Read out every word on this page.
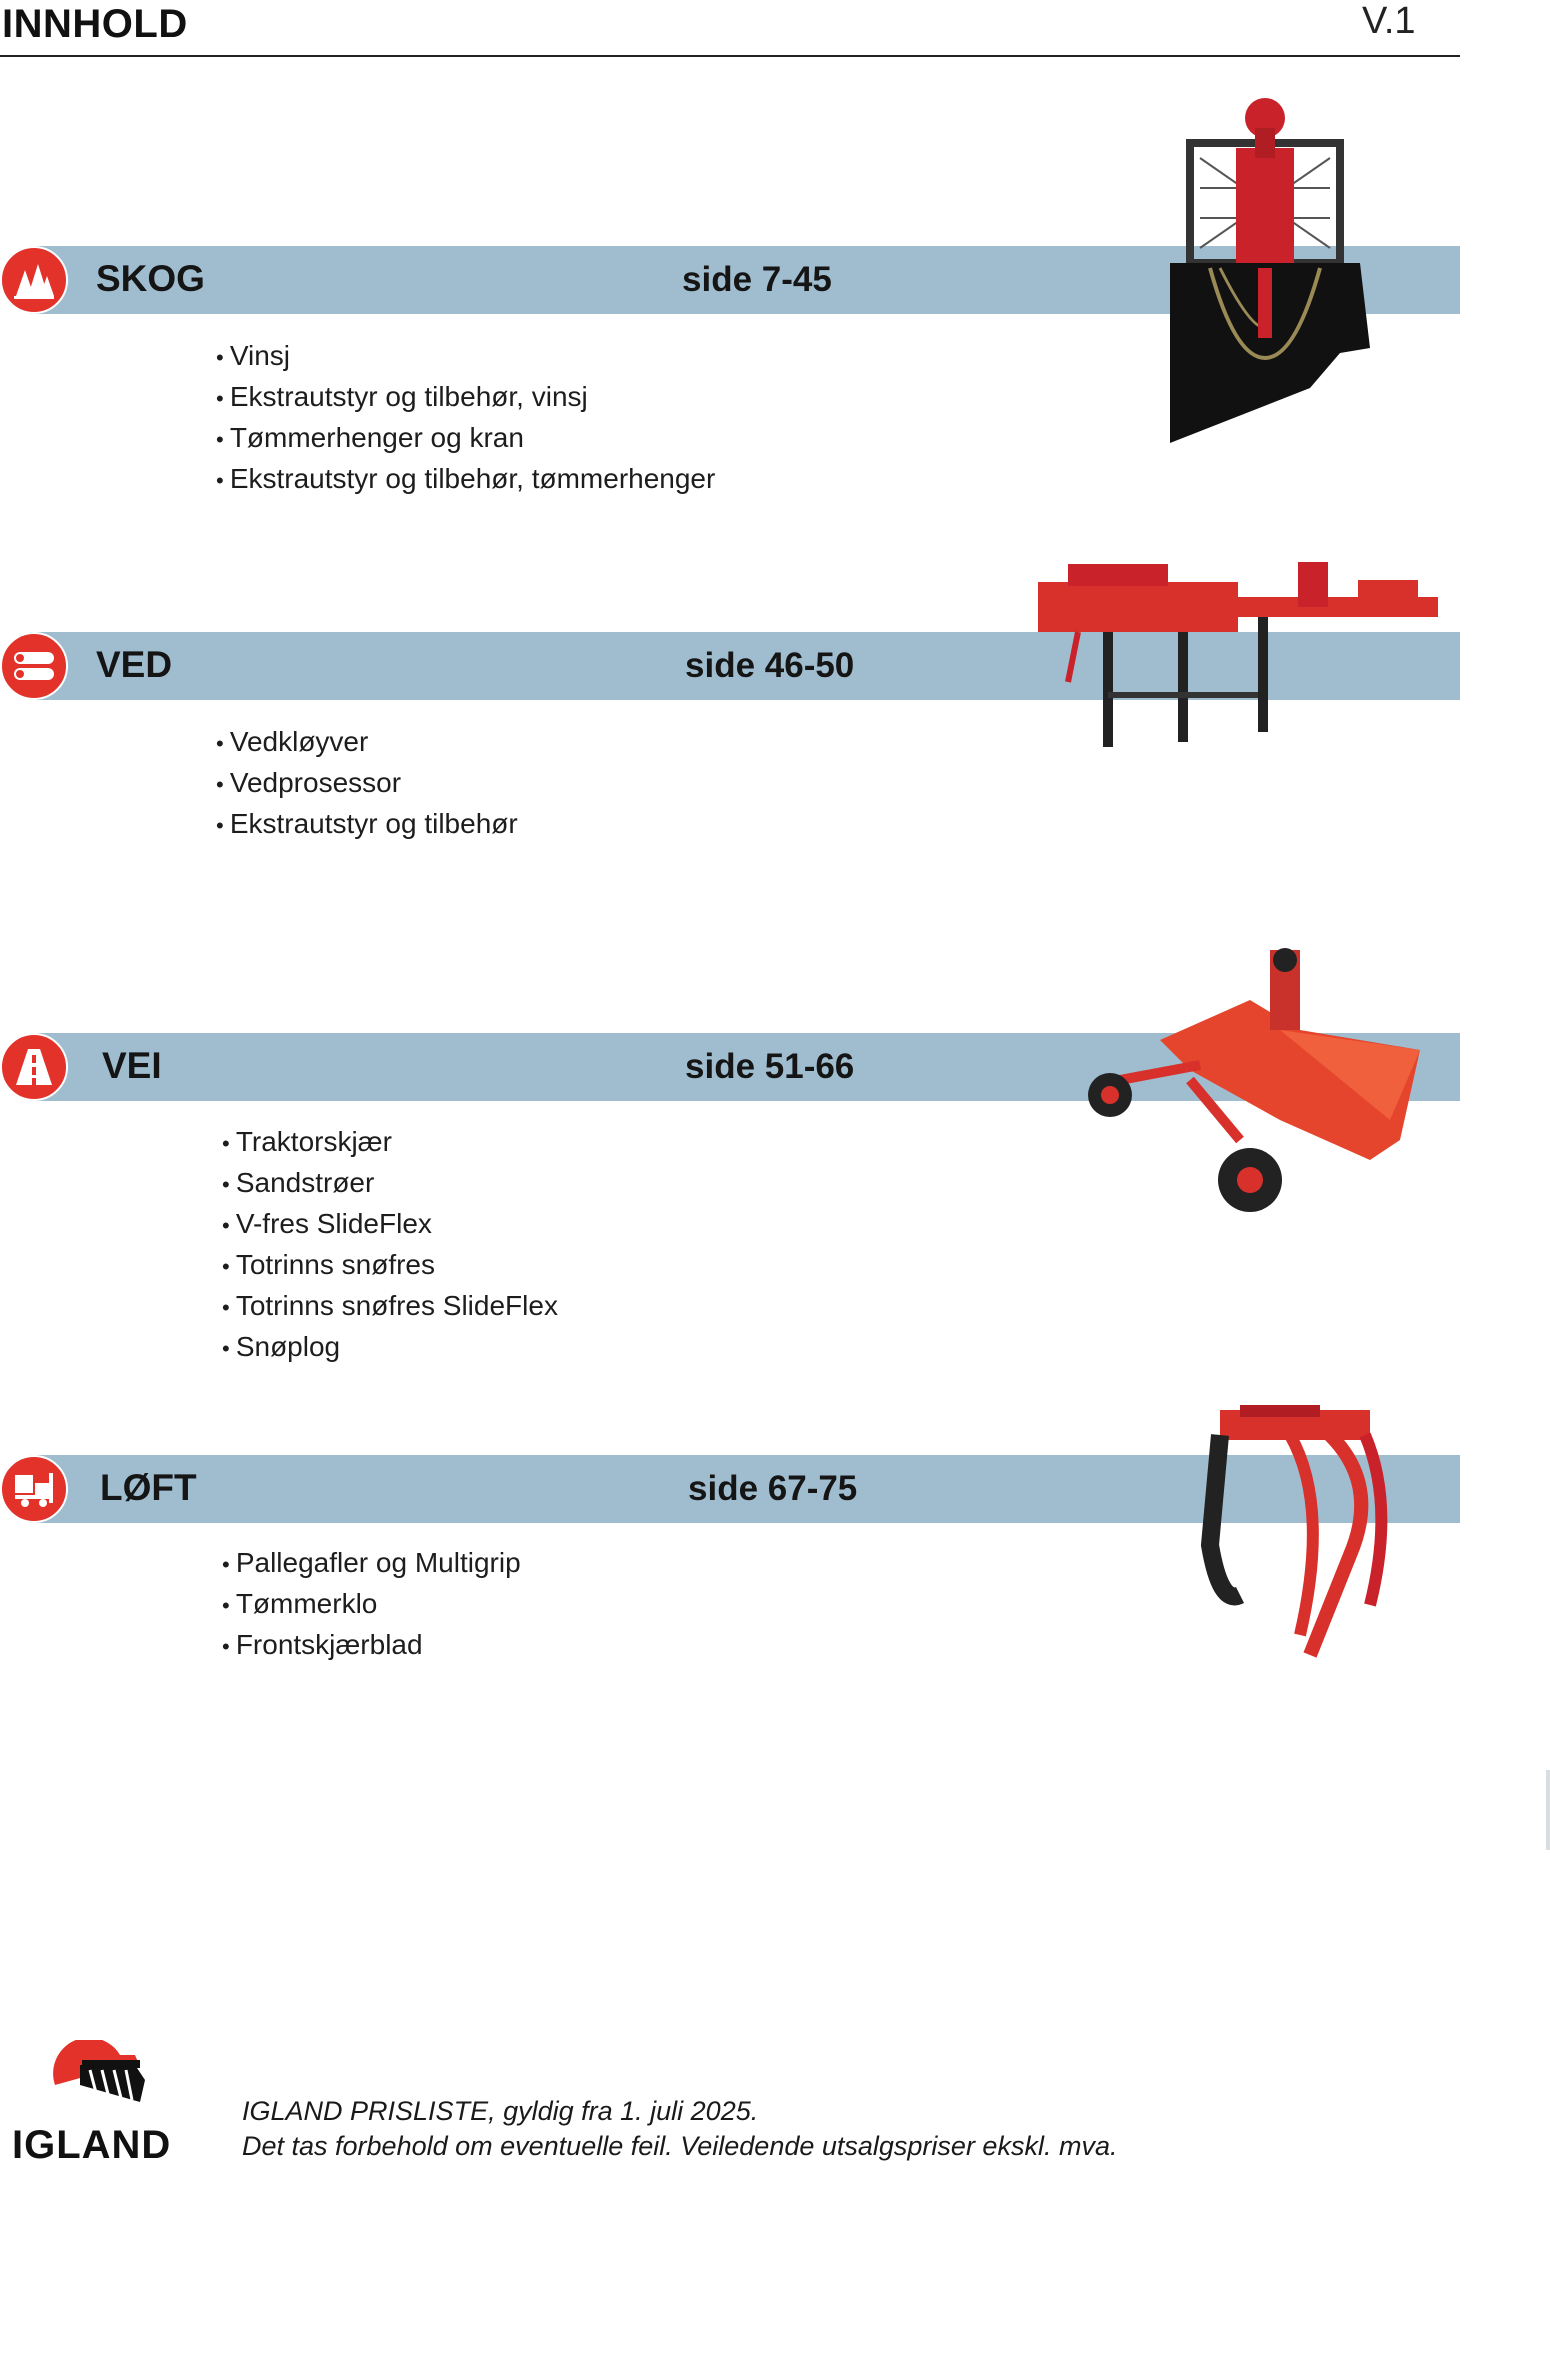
INNHOLD	V.1
SKOG	side 7-45
• Vinsj
• Ekstrautstyr og tilbehør, vinsj
• Tømmerhenger og kran
• Ekstrautstyr og tilbehør, tømmerhenger
VED	side 46-50
• Vedkløyver
• Vedprosessor
• Ekstrautstyr og tilbehør
VEI	side 51-66
• Traktorskjær
• Sandstrøer
• V-fres SlideFlex
• Totrinns snøfres
• Totrinns snøfres SlideFlex
• Snøplog
LØFT	side 67-75
• Pallegafler og Multigrip
• Tømmerklo
• Frontskjærblad
IGLAND
IGLAND PRISLISTE, gyldig fra 1. juli 2025.
Det tas forbehold om eventuelle feil. Veiledende utsalgspriser ekskl. mva.
